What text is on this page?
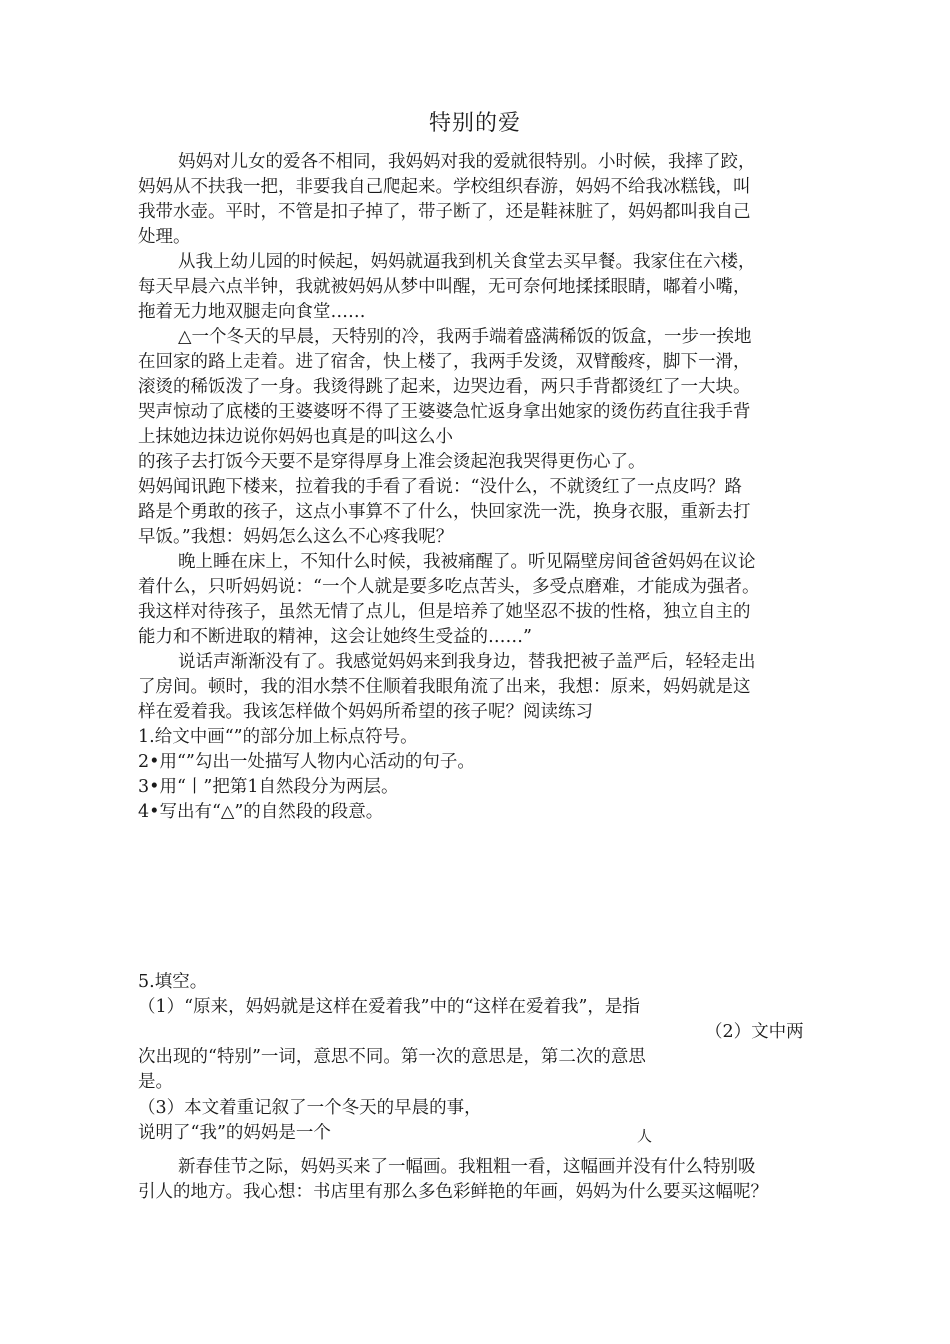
特别的爱
妈妈对儿女的爱各不相同，我妈妈对我的爱就很特别。小时候，我摔了跤，
妈妈从不扶我一把，非要我自己爬起来。学校组织春游，妈妈不给我冰糕钱，叫
我带水壶。平时，不管是扣子掉了，带子断了，还是鞋袜脏了，妈妈都叫我自己
处理。
从我上幼儿园的时候起，妈妈就逼我到机关食堂去买早餐。我家住在六楼，
每天早晨六点半钟，我就被妈妈从梦中叫醒，无可奈何地揉揉眼睛，嘟着小嘴，
拖着无力地双腿走向食堂……
△一个冬天的早晨，天特别的冷，我两手端着盛满稀饭的饭盒，一步一挨地
在回家的路上走着。进了宿舍，快上楼了，我两手发烫，双臂酸疼，脚下一滑，
滚烫的稀饭泼了一身。我烫得跳了起来，边哭边看，两只手背都烫红了一大块。
哭声惊动了底楼的王婆婆呀不得了王婆婆急忙返身拿出她家的烫伤药直往我手背
上抹她边抹边说你妈妈也真是的叫这么小
的孩子去打饭今天要不是穿得厚身上准会烫起泡我哭得更伤心了。
妈妈闻讯跑下楼来，拉着我的手看了看说：“没什么，不就烫红了一点皮吗？路
路是个勇敢的孩子，这点小事算不了什么，快回家洗一洗，换身衣服，重新去打
早饭。”我想：妈妈怎么这么不心疼我呢？
晚上睡在床上，不知什么时候，我被痛醒了。听见隔壁房间爸爸妈妈在议论
着什么，只听妈妈说：“一个人就是要多吃点苦头，多受点磨难，才能成为强者。
我这样对待孩子，虽然无情了点儿，但是培养了她坚忍不拔的性格，独立自主的
能力和不断进取的精神，这会让她终生受益的……”
说话声渐渐没有了。我感觉妈妈来到我身边，替我把被子盖严后，轻轻走出
了房间。顿时，我的泪水禁不住顺着我眼角流了出来，我想：原来，妈妈就是这
样在爱着我。我该怎样做个妈妈所希望的孩子呢？阅读练习
1.给文中画“”的部分加上标点符号。
2•用“”勾出一处描写人物内心活动的句子。
3•用“丨”把第1自然段分为两层。
4•写出有“△”的自然段的段意。
5.填空。
（1）“原来，妈妈就是这样在爱着我”中的“这样在爱着我”，是指
（2）文中两
次出现的“特别”一词，意思不同。第一次的意思是，第二次的意思
是。
（3）本文着重记叙了一个冬天的早晨的事，
说明了“我”的妈妈是一个	人
新春佳节之际，妈妈买来了一幅画。我粗粗一看，这幅画并没有什么特别吸
引人的地方。我心想：书店里有那么多色彩鲜艳的年画，妈妈为什么要买这幅呢？
